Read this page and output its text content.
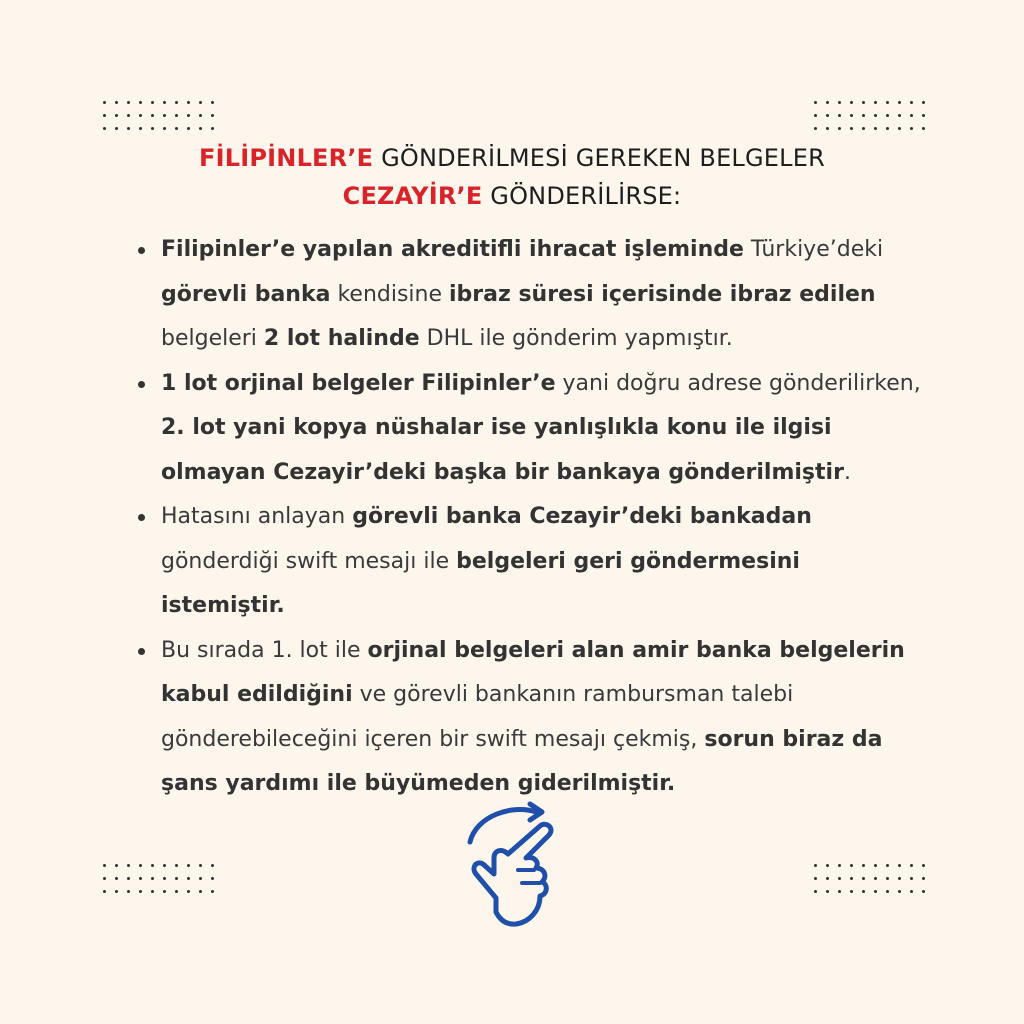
FİLİPİNLER’E GÖNDERİLMESİ GEREKEN BELGELER
CEZAYİR’E GÖNDERİLİRSE:
Filipinler’e yapılan akreditifli ihracat işleminde Türkiye’deki
görevli banka kendisine ibraz süresi içerisinde ibraz edilen
belgeleri 2 lot halinde DHL ile gönderim yapmıştır.
1 lot orjinal belgeler Filipinler’e yani doğru adrese gönderilirken, 2. lot yani kopya nüshalar ise yanlışlıkla konu ile ilgisi olmayan Cezayir’deki başka bir bankaya gönderilmiştir.
Hatasını anlayan görevli banka Cezayir’deki bankadan gönderdiği swift mesajı ile belgeleri geri göndermesini istemiştir.
Bu sırada 1. lot ile orjinal belgeleri alan amir banka belgelerin kabul edildiğini ve görevli bankanın rambursman talebi gönderebileceğini içeren bir swift mesajı çekmiş, sorun biraz da şans yardımı ile büyümeden giderilmiştir.
